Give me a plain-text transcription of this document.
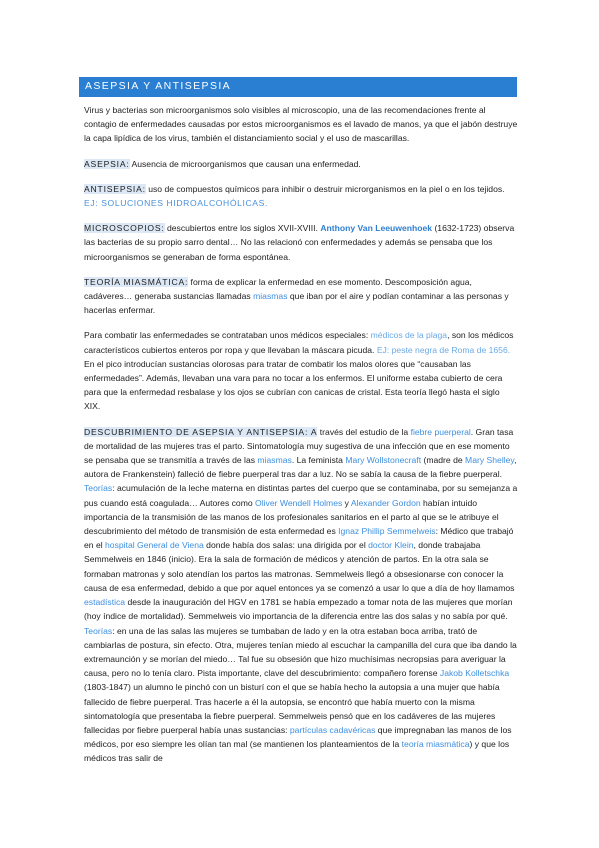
ASEPSIA Y ANTISEPSIA

Virus y bacterias son microorganismos solo visibles al microscopio, una de las recomendaciones frente al contagio de enfermedades causadas por estos microorganismos es el lavado de manos, ya que el jabón destruye la capa lipídica de los virus, también el distanciamiento social y el uso de mascarillas.

ASEPSIA: Ausencia de microorganismos que causan una enfermedad.

ANTISEPSIA: uso de compuestos químicos para inhibir o destruir microrganismos en la piel o en los tejidos. EJ: SOLUCIONES HIDROALCOHÓLICAS.

MICROSCOPIOS: descubiertos entre los siglos XVII-XVIII. Anthony Van Leeuwenhoek (1632-1723) observa las bacterias de su propio sarro dental… No las relacionó con enfermedades y además se pensaba que los microorganismos se generaban de forma espontánea.

TEORÍA MIASMÁTICA: forma de explicar la enfermedad en ese momento. Descomposición agua, cadáveres… generaba sustancias llamadas miasmas que iban por el aire y podían contaminar a las personas y hacerlas enfermar.

Para combatir las enfermedades se contrataban unos médicos especiales: médicos de la plaga, son los médicos característicos cubiertos enteros por ropa y que llevaban la máscara picuda. EJ: peste negra de Roma de 1656. En el pico introducían sustancias olorosas para tratar de combatir los malos olores que “causaban las enfermedades”. Además, llevaban una vara para no tocar a los enfermos. El uniforme estaba cubierto de cera para que la enfermedad resbalase y los ojos se cubrían con canicas de cristal. Esta teoría llegó hasta el siglo XIX.

DESCUBRIMIENTO DE ASEPSIA Y ANTISEPSIA: A través del estudio de la fiebre puerperal. Gran tasa de mortalidad de las mujeres tras el parto. Sintomatología muy sugestiva de una infección que en ese momento se pensaba que se transmitía a través de las miasmas. La feminista Mary Wollstonecraft (madre de Mary Shelley, autora de Frankenstein) falleció de fiebre puerperal tras dar a luz. No se sabía la causa de la fiebre puerperal. Teorías: acumulación de la leche materna en distintas partes del cuerpo que se contaminaba, por su semejanza a pus cuando está coagulada… Autores como Oliver Wendell Holmes y Alexander Gordon habían intuido importancia de la transmisión de las manos de los profesionales sanitarios en el parto al que se le atribuye el descubrimiento del método de transmisión de esta enfermedad es Ignaz Phillip Semmelweis: Médico que trabajó en el hospital General de Viena donde había dos salas: una dirigida por el doctor Klein, donde trabajaba Semmelweis en 1846 (inicio). Era la sala de formación de médicos y atención de partos. En la otra sala se formaban matronas y solo atendían los partos las matronas. Semmelweis llegó a obsesionarse con conocer la causa de esa enfermedad, debido a que por aquel entonces ya se comenzó a usar lo que a día de hoy llamamos estadística desde la inauguración del HGV en 1781 se había empezado a tomar nota de las mujeres que morían (hoy índice de mortalidad). Semmelweis vio importancia de la diferencia entre las dos salas y no sabía por qué. Teorías: en una de las salas las mujeres se tumbaban de lado y en la otra estaban boca arriba, trató de cambiarlas de postura, sin efecto. Otra, mujeres tenían miedo al escuchar la campanilla del cura que iba dando la extremaunción y se morían del miedo… Tal fue su obsesión que hizo muchísimas necropsias para averiguar la causa, pero no lo tenía claro. Pista importante, clave del descubrimiento: compañero forense Jakob Kolletschka (1803-1847) un alumno le pinchó con un bisturí con el que se había hecho la autopsia a una mujer que había fallecido de fiebre puerperal. Tras hacerle a él la autopsia, se encontró que había muerto con la misma sintomatología que presentaba la fiebre puerperal. Semmelweis pensó que en los cadáveres de las mujeres fallecidas por fiebre puerperal había unas sustancias: partículas cadavéricas que impregnaban las manos de los médicos, por eso siempre les olían tan mal (se mantienen los planteamientos de la teoría miasmática) y que los médicos tras salir de
